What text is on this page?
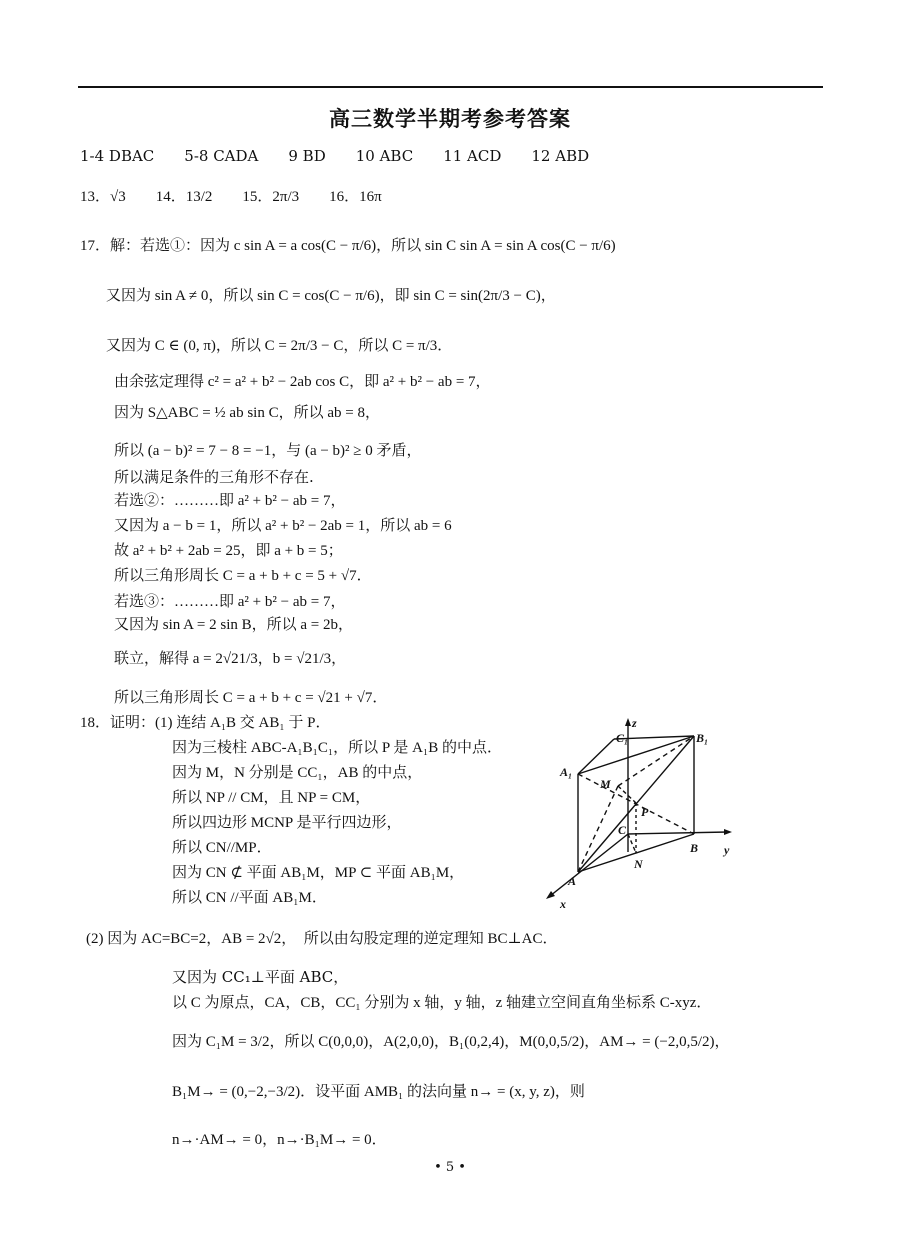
高三数学半期考参考答案
1-4 DBAC　　5-8 CADA　　9 BD　　10 ABC　　11 ACD　　12 ABD
13．√3　　14．13/2　　15．2π/3　　16．16π
17．解：若选①：因为 c sin A = a cos(C − π/6)，所以 sin C sin A = sin A cos(C − π/6)
又因为 sin A ≠ 0，所以 sin C = cos(C − π/6)，即 sin C = sin(2π/3 − C)，
又因为 C ∈ (0, π)，所以 C = 2π/3 − C，所以 C = π/3．
由余弦定理得 c² = a² + b² − 2ab cos C，即 a² + b² − ab = 7，
因为 S△ABC = ½ ab sin C，所以 ab = 8，
所以 (a − b)² = 7 − 8 = −1，与 (a − b)² ≥ 0 矛盾，
所以满足条件的三角形不存在.
若选②：………即 a² + b² − ab = 7，
又因为 a − b = 1，所以 a² + b² − 2ab = 1，所以 ab = 6
故 a² + b² + 2ab = 25，即 a + b = 5；
所以三角形周长 C = a + b + c = 5 + √7．
若选③：………即 a² + b² − ab = 7，
又因为 sin A = 2 sin B，所以 a = 2b，
联立，解得 a = 2√21/3，b = √21/3，
所以三角形周长 C = a + b + c = √21 + √7．
18．证明：(1) 连结 A₁B 交 AB₁ 于 P．
因为三棱柱 ABC-A₁B₁C₁，所以 P 是 A₁B 的中点．
因为 M，N 分别是 CC₁，AB 的中点，
所以 NP // CM，且 NP = CM，
所以四边形 MCNP 是平行四边形，
所以 CN//MP．
因为 CN ⊄ 平面 AB₁M，MP ⊂ 平面 AB₁M，
所以 CN //平面 AB₁M．
z
C₁	B₁
A₁
M
P
C
B y
N
A
x
(2) 因为 AC=BC=2，AB = 2√2，　所以由勾股定理的逆定理知 BC⊥AC．
又因为 CC₁⊥平面 ABC，
以 C 为原点，CA，CB，CC₁ 分别为 x 轴，y 轴，z 轴建立空间直角坐标系 C-xyz．
因为 C₁M = 3/2，所以 C(0,0,0)，A(2,0,0)，B₁(0,2,4)，M(0,0,5/2)，AM→ = (−2,0,5/2)，
B₁M→ = (0,−2,−3/2)．设平面 AMB₁ 的法向量 n→ = (x, y, z)，则
n→·AM→ = 0，n→·B₁M→ = 0．
• 5 •
